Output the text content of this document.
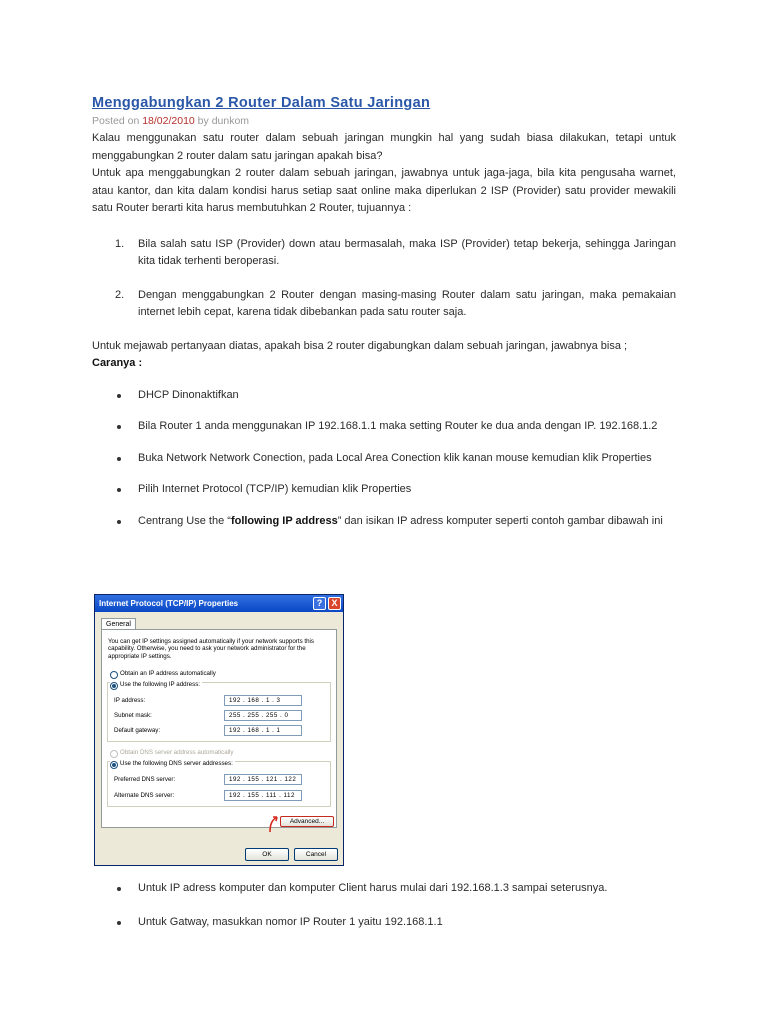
Menggabungkan 2 Router Dalam Satu Jaringan
Posted on 18/02/2010 by dunkom

Kalau menggunakan satu router dalam sebuah jaringan mungkin hal yang sudah biasa dilakukan, tetapi untuk menggabungkan 2 router dalam satu jaringan apakah bisa?

Untuk apa menggabungkan 2 router dalam sebuah jaringan, jawabnya untuk jaga-jaga, bila kita pengusaha warnet, atau kantor, dan kita dalam kondisi harus setiap saat online maka diperlukan 2 ISP (Provider) satu provider mewakili satu Router berarti kita harus membutuhkan 2 Router, tujuannya :

1. Bila salah satu ISP (Provider) down atau bermasalah, maka ISP (Provider) tetap bekerja, sehingga Jaringan kita tidak terhenti beroperasi.
2. Dengan menggabungkan 2 Router dengan masing-masing Router dalam satu jaringan, maka pemakaian internet lebih cepat, karena tidak dibebankan pada satu router saja.

Untuk mejawab pertanyaan diatas, apakah bisa 2 router digabungkan dalam sebuah jaringan, jawabnya bisa ;

Caranya :

DHCP Dinonaktifkan
Bila Router 1 anda menggunakan IP 192.168.1.1 maka setting Router ke dua anda dengan IP. 192.168.1.2
Buka Network Network Conection, pada Local Area Conection klik kanan mouse kemudian klik Properties
Pilih Internet Protocol (TCP/IP) kemudian klik Properties
Centrang Use the “following IP address” dan isikan IP adress komputer seperti contoh gambar dibawah ini
Internet Protocol (TCP/IP) Properties	?	X
General
You can get IP settings assigned automatically if your network supports this capability. Otherwise, you need to ask your network administrator for the appropriate IP settings.
Obtain an IP address automatically
Use the following IP address:
IP address:	192 . 168 . 1 . 3
Subnet mask:	255 . 255 . 255 . 0
Default gateway:	192 . 168 . 1 . 1
Obtain DNS server address automatically
Use the following DNS server addresses:
Preferred DNS server:	192 . 155 . 121 . 122
Alternate DNS server:	192 . 155 . 111 . 112
Advanced...
OK	Cancel
Untuk IP adress komputer dan komputer Client harus mulai dari 192.168.1.3 sampai seterusnya.
Untuk Gatway, masukkan nomor IP Router 1 yaitu 192.168.1.1
